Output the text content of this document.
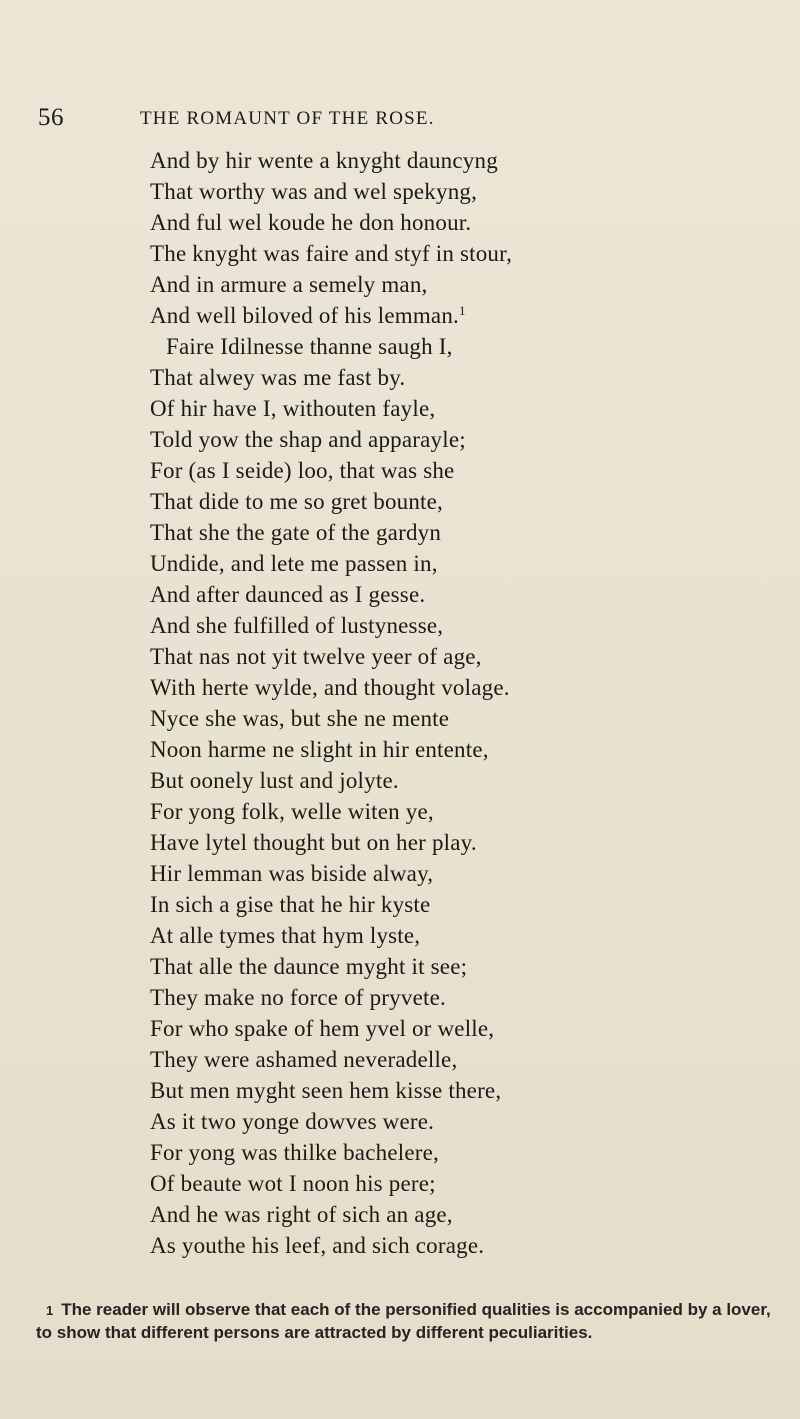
56	THE ROMAUNT OF THE ROSE.
And by hir wente a knyght dauncyng
That worthy was and wel spekyng,
And ful wel koude he don honour.
The knyght was faire and styf in stour,
And in armure a semely man,
And well biloved of his lemman.$^1$
Faire Idilnesse thanne saugh I,
That alwey was me fast by.
Of hir have I, withouten fayle,
Told yow the shap and apparayle;
For (as I seide) loo, that was she
That dide to me so gret bounte,
That she the gate of the gardyn
Undide, and lete me passen in,
And after daunced as I gesse.
And she fulfilled of lustynesse,
That nas not yit twelve yeer of age,
With herte wylde, and thought volage.
Nyce she was, but she ne mente
Noon harme ne slight in hir entente,
But oonely lust and jolyte.
For yong folk, welle witen ye,
Have lytel thought but on her play.
Hir lemman was biside alway,
In sich a gise that he hir kyste
At alle tymes that hym lyste,
That alle the daunce myght it see;
They make no force of pryvete.
For who spake of hem yvel or welle,
They were ashamed neveradelle,
But men myght seen hem kisse there,
As it two yonge dowves were.
For yong was thilke bachelere,
Of beaute wot I noon his pere;
And he was right of sich an age,
As youthe his leef, and sich corage.
1 The reader will observe that each of the personified qualities is accompanied by a lover, to show that different persons are attracted by different peculiarities.
